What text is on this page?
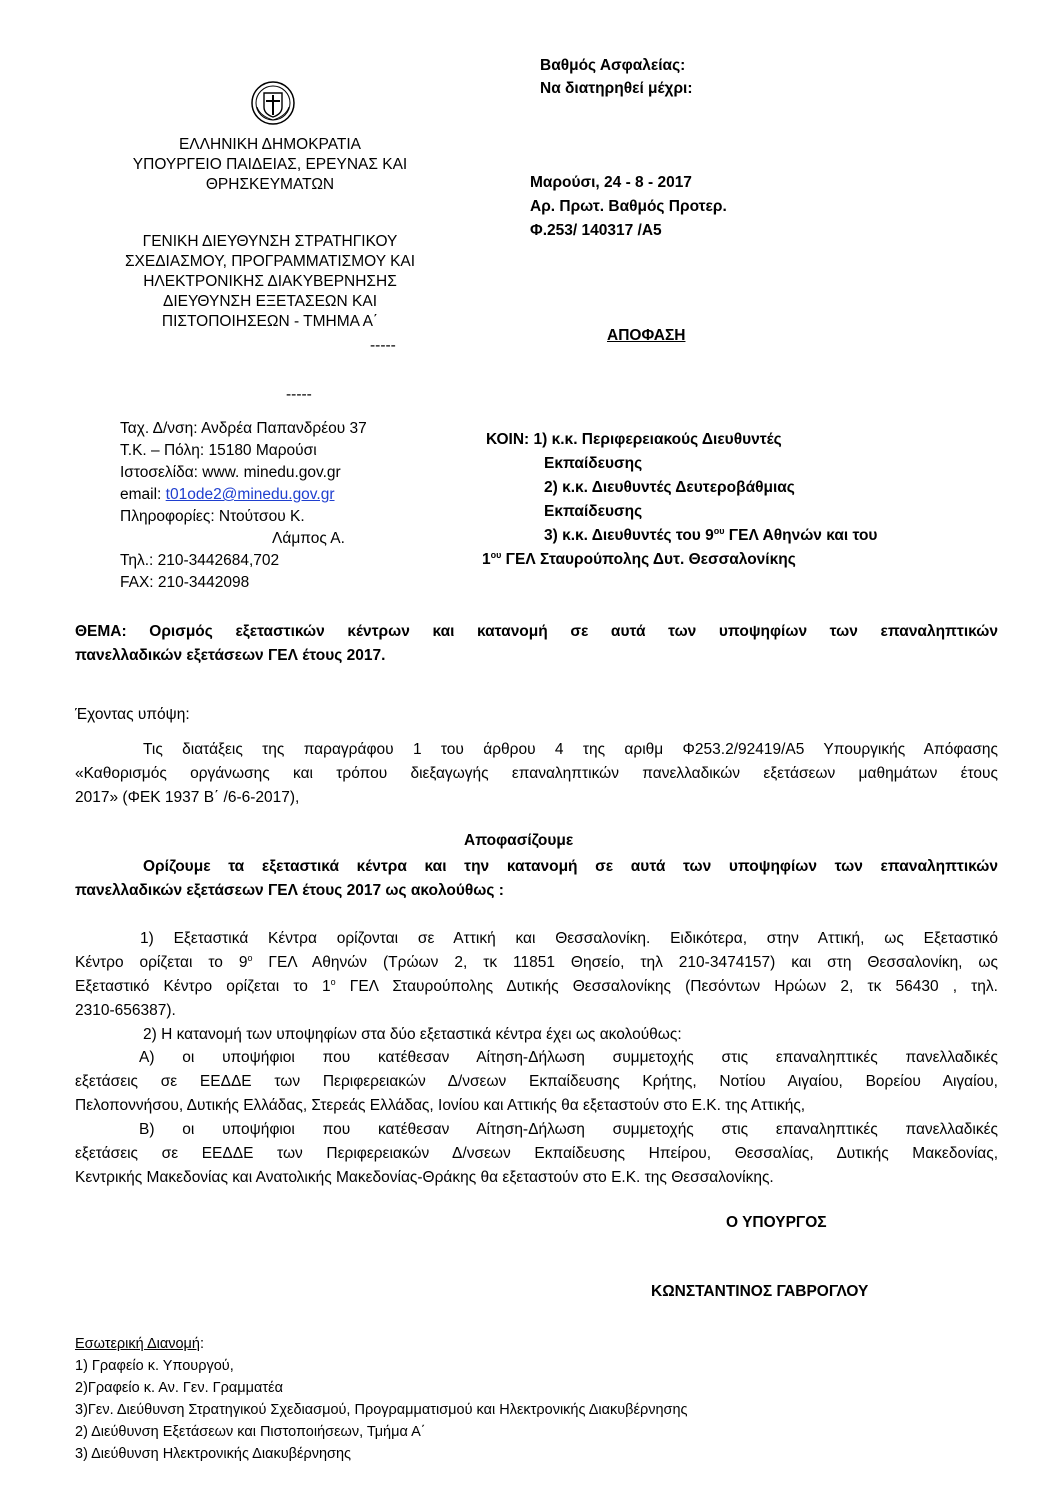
Βαθμός Ασφαλείας:
Να διατηρηθεί μέχρι:
ΕΛΛΗΝΙΚΗ ΔΗΜΟΚΡΑΤΙΑ
ΥΠΟΥΡΓΕΙΟ ΠΑΙΔΕΙΑΣ, ΕΡΕΥΝΑΣ ΚΑΙ
ΘΡΗΣΚΕΥΜΑΤΩΝ
ΓΕΝΙΚΗ ΔΙΕΥΘΥΝΣΗ ΣΤΡΑΤΗΓΙΚΟΥ
ΣΧΕΔΙΑΣΜΟΥ, ΠΡΟΓΡΑΜΜΑΤΙΣΜΟΥ ΚΑΙ
ΗΛΕΚΤΡΟΝΙΚΗΣ ΔΙΑΚΥΒΕΡΝΗΣΗΣ
ΔΙΕΥΘΥΝΣΗ ΕΞΕΤΑΣΕΩΝ ΚΑΙ
ΠΙΣΤΟΠΟΙΗΣΕΩΝ - ΤΜΗΜΑ Α΄
-----
-----
Μαρούσι, 24 - 8 - 2017
Αρ. Πρωτ. Βαθμός Προτερ.
Φ.253/ 140317 /Α5
ΑΠΟΦΑΣΗ
Ταχ. Δ/νση: Ανδρέα Παπανδρέου 37
Τ.Κ. – Πόλη: 15180 Μαρούσι
Ιστοσελίδα: www. minedu.gov.gr
email: t01ode2@minedu.gov.gr
Πληροφορίες: Ντούτσου Κ.
Λάμπος Α.
Τηλ.: 210-3442684,702
FAX: 210-3442098
ΚΟΙΝ: 1) κ.κ. Περιφερειακούς Διευθυντές
Εκπαίδευσης
2) κ.κ. Διευθυντές Δευτεροβάθμιας
Εκπαίδευσης
3) κ.κ. Διευθυντές του $9^{o\upsilon}$ ΓΕΛ Αθηνών και του
$1^{o\upsilon}$ ΓΕΛ Σταυρούπολης Δυτ. Θεσσαλονίκης
ΘΕΜΑ: Ορισμός εξεταστικών κέντρων και κατανομή σε αυτά των υποψηφίων των επαναληπτικών
πανελλαδικών εξετάσεων ΓΕΛ έτους 2017.
Έχοντας υπόψη:
Τις διατάξεις της παραγράφου 1 του άρθρου 4 της αριθμ Φ253.2/92419/Α5 Υπουργικής Απόφασης
«Καθορισμός οργάνωσης και τρόπου διεξαγωγής επαναληπτικών πανελλαδικών εξετάσεων μαθημάτων έτους
2017» (ΦΕΚ 1937 Β΄ /6-6-2017),
Αποφασίζουμε
Ορίζουμε τα εξεταστικά κέντρα και την κατανομή σε αυτά των υποψηφίων των επαναληπτικών
πανελλαδικών εξετάσεων ΓΕΛ έτους 2017 ως ακολούθως :
1) Εξεταστικά Κέντρα ορίζονται σε Αττική και Θεσσαλονίκη. Ειδικότερα, στην Αττική, ως Εξεταστικό
Κέντρο ορίζεται το $9^o$ ΓΕΛ Αθηνών (Τρώων 2, τκ 11851 Θησείο, τηλ 210-3474157) και στη Θεσσαλονίκη, ως
Εξεταστικό Κέντρο ορίζεται το $1^o$ ΓΕΛ Σταυρούπολης Δυτικής Θεσσαλονίκης (Πεσόντων Ηρώων 2, τκ 56430 , τηλ.
2310-656387).
2) Η κατανομή των υποψηφίων στα δύο εξεταστικά κέντρα έχει ως ακολούθως:
Α) οι υποψήφιοι που κατέθεσαν Αίτηση-Δήλωση συμμετοχής στις επαναληπτικές πανελλαδικές
εξετάσεις σε ΕΕΔΔΕ των Περιφερειακών Δ/νσεων Εκπαίδευσης Κρήτης, Νοτίου Αιγαίου, Βορείου Αιγαίου,
Πελοποννήσου, Δυτικής Ελλάδας, Στερεάς Ελλάδας, Ιονίου και Αττικής θα εξεταστούν στο Ε.Κ. της Αττικής,
Β) οι υποψήφιοι που κατέθεσαν Αίτηση-Δήλωση συμμετοχής στις επαναληπτικές πανελλαδικές
εξετάσεις σε ΕΕΔΔΕ των Περιφερειακών Δ/νσεων Εκπαίδευσης Ηπείρου, Θεσσαλίας, Δυτικής Μακεδονίας,
Κεντρικής Μακεδονίας και Ανατολικής Μακεδονίας-Θράκης θα εξεταστούν στο Ε.Κ. της Θεσσαλονίκης.
Ο ΥΠΟΥΡΓΟΣ
ΚΩΝΣΤΑΝΤΙΝΟΣ ΓΑΒΡΟΓΛΟΥ
Εσωτερική Διανομή:
1) Γραφείο κ. Υπουργού,
2)Γραφείο κ. Αν. Γεν. Γραμματέα
3)Γεν. Διεύθυνση Στρατηγικού Σχεδιασμού, Προγραμματισμού και Ηλεκτρονικής Διακυβέρνησης
2) Διεύθυνση Εξετάσεων και Πιστοποιήσεων, Τμήμα Α΄
3) Διεύθυνση Ηλεκτρονικής Διακυβέρνησης
